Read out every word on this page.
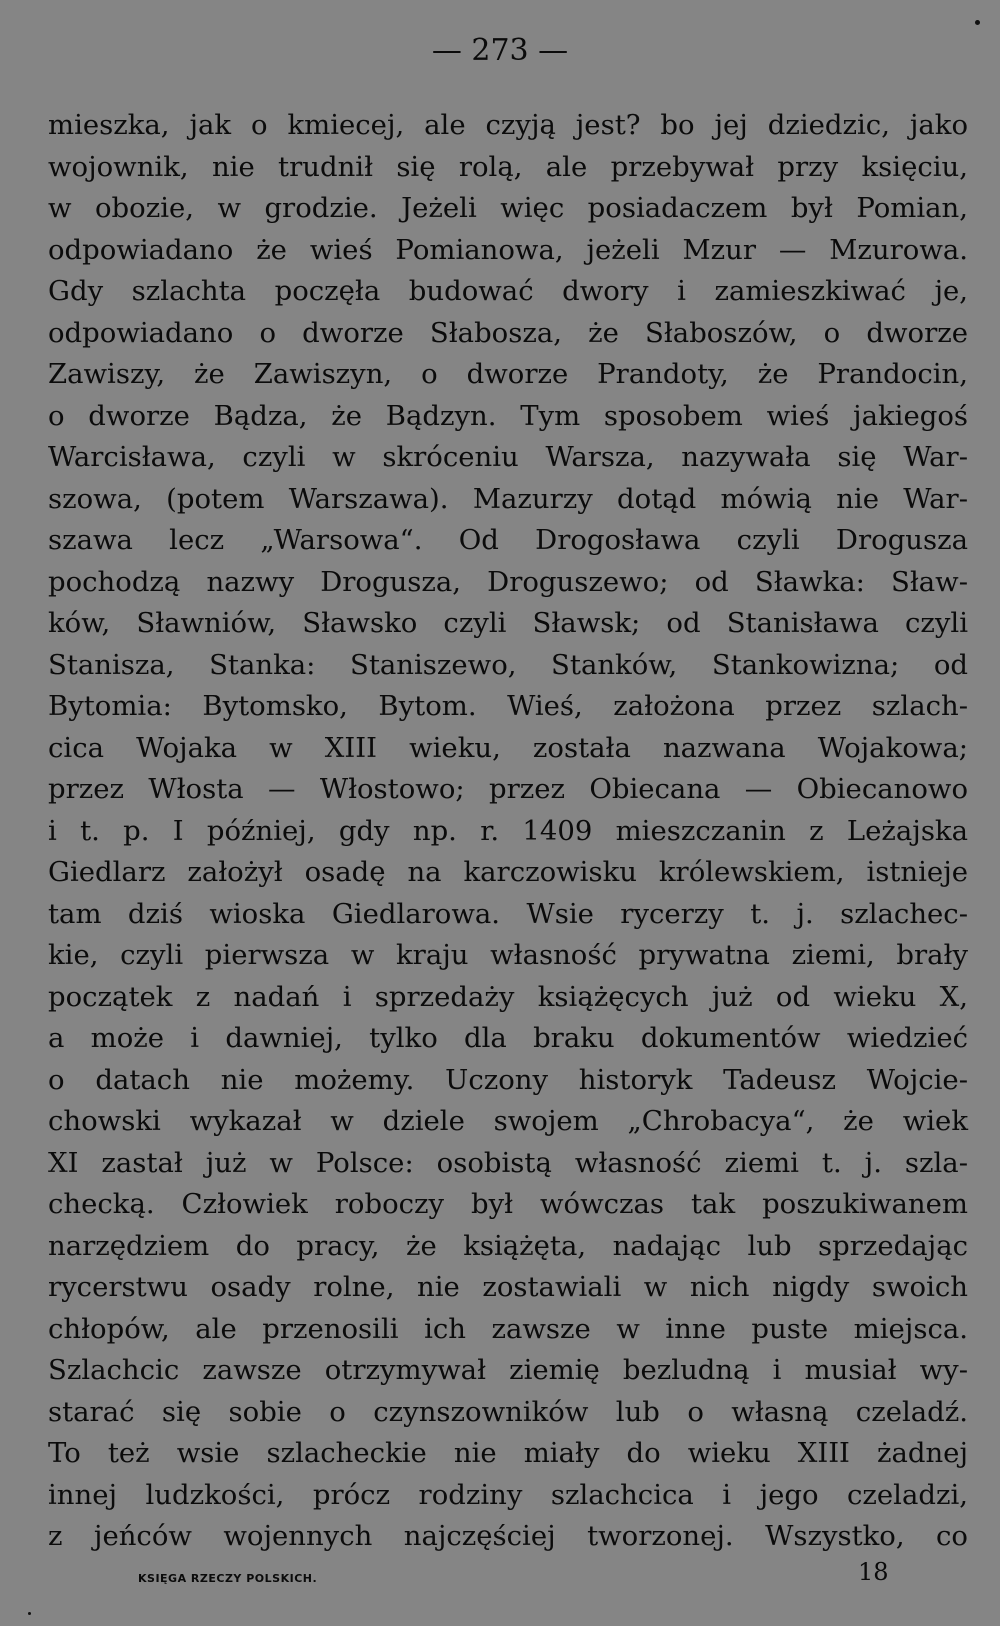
— 273 —
mieszka, jak o kmiecej, ale czyją jest? bo jej dziedzic, jako
wojownik, nie trudnił się rolą, ale przebywał przy księciu,
w obozie, w grodzie. Jeżeli więc posiadaczem był Pomian,
odpowiadano że wieś Pomianowa, jeżeli Mzur — Mzurowa.
Gdy szlachta poczęła budować dwory i zamieszkiwać je,
odpowiadano o dworze Słabosza, że Słaboszów, o dworze
Zawiszy, że Zawiszyn, o dworze Prandoty, że Prandocin,
o dworze Bądza, że Bądzyn. Tym sposobem wieś jakiegoś
Warcisława, czyli w skróceniu Warsza, nazywała się War-
szowa, (potem Warszawa). Mazurzy dotąd mówią nie War-
szawa lecz „Warsowa“. Od Drogosława czyli Drogusza
pochodzą nazwy Drogusza, Droguszewo; od Sławka: Sław-
ków, Sławniów, Sławsko czyli Sławsk; od Stanisława czyli
Stanisza, Stanka: Staniszewo, Stanków, Stankowizna; od
Bytomia: Bytomsko, Bytom. Wieś, założona przez szlach-
cica Wojaka w XIII wieku, została nazwana Wojakowa;
przez Włosta — Włostowo; przez Obiecana — Obiecanowo
i t. p. I później, gdy np. r. 1409 mieszczanin z Leżajska
Giedlarz założył osadę na karczowisku królewskiem, istnieje
tam dziś wioska Giedlarowa. Wsie rycerzy t. j. szlachec-
kie, czyli pierwsza w kraju własność prywatna ziemi, brały
początek z nadań i sprzedaży książęcych już od wieku X,
a może i dawniej, tylko dla braku dokumentów wiedzieć
o datach nie możemy. Uczony historyk Tadeusz Wojcie-
chowski wykazał w dziele swojem „Chrobacya“, że wiek
XI zastał już w Polsce: osobistą własność ziemi t. j. szla-
checką. Człowiek roboczy był wówczas tak poszukiwanem
narzędziem do pracy, że książęta, nadając lub sprzedając
rycerstwu osady rolne, nie zostawiali w nich nigdy swoich
chłopów, ale przenosili ich zawsze w inne puste miejsca.
Szlachcic zawsze otrzymywał ziemię bezludną i musiał wy-
starać się sobie o czynszowników lub o własną czeladź.
To też wsie szlacheckie nie miały do wieku XIII żadnej
innej ludzkości, prócz rodziny szlachcica i jego czeladzi,
z jeńców wojennych najczęściej tworzonej. Wszystko, co
KSIĘGA RZECZY POLSKICH.	18
